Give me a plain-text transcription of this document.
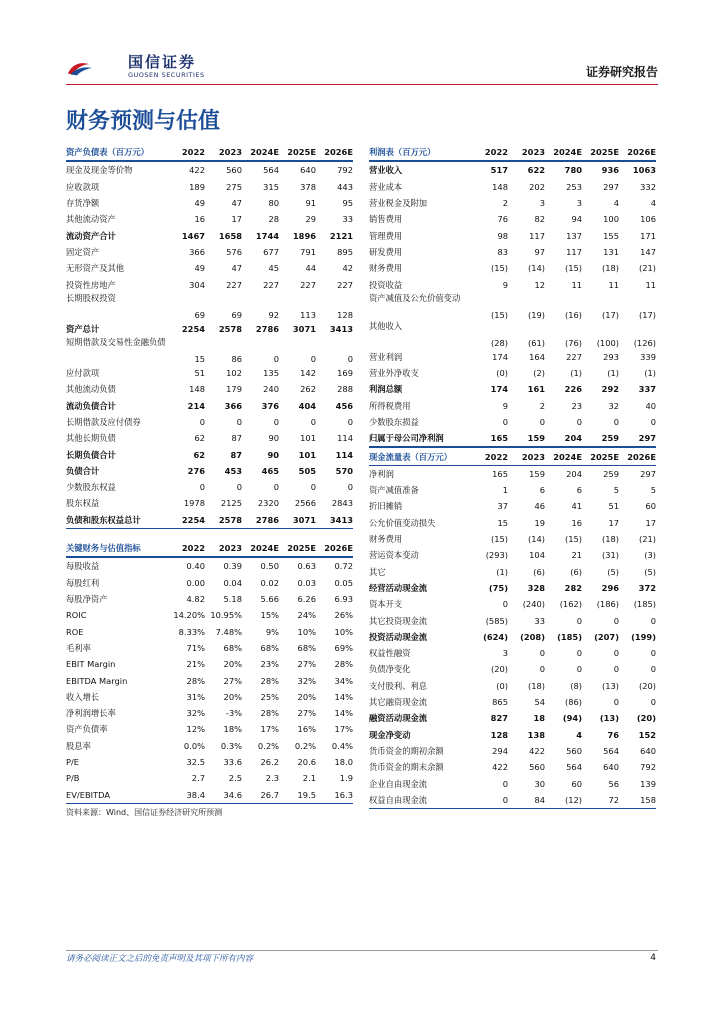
国信证券
GUOSEN SECURITIES	证券研究报告
财务预测与估值
资产负债表（百万元）	2022	2023	2024E	2025E	2026E
现金及现金等价物	422	560	564	640	792
应收款项	189	275	315	378	443
存货净额	49	47	80	91	95
其他流动资产	16	17	28	29	33
流动资产合计	1467	1658	1744	1896	2121
固定资产	366	576	677	791	895
无形资产及其他	49	47	45	44	42
投资性房地产	304	227	227	227	227
长期股权投资	69	69	92	113	128
资产总计	2254	2578	2786	3071	3413
短期借款及交易性金融负债	15	86	0	0	0
应付款项	51	102	135	142	169
其他流动负债	148	179	240	262	288
流动负债合计	214	366	376	404	456
长期借款及应付债券	0	0	0	0	0
其他长期负债	62	87	90	101	114
长期负债合计	62	87	90	101	114
负债合计	276	453	465	505	570
少数股东权益	0	0	0	0	0
股东权益	1978	2125	2320	2566	2843
负债和股东权益总计	2254	2578	2786	3071	3413
关键财务与估值指标	2022	2023	2024E	2025E	2026E
每股收益	0.40	0.39	0.50	0.63	0.72
每股红利	0.00	0.04	0.02	0.03	0.05
每股净资产	4.82	5.18	5.66	6.26	6.93
ROIC	14.20%	10.95%	15%	24%	26%
ROE	8.33%	7.48%	9%	10%	10%
毛利率	71%	68%	68%	68%	69%
EBIT Margin	21%	20%	23%	27%	28%
EBITDA Margin	28%	27%	28%	32%	34%
收入增长	31%	20%	25%	20%	14%
净利润增长率	32%	-3%	28%	27%	14%
资产负债率	12%	18%	17%	16%	17%
股息率	0.0%	0.3%	0.2%	0.2%	0.4%
P/E	32.5	33.6	26.2	20.6	18.0
P/B	2.7	2.5	2.3	2.1	1.9
EV/EBITDA	38.4	34.6	26.7	19.5	16.3
利润表（百万元）	2022	2023	2024E	2025E	2026E
营业收入	517	622	780	936	1063
营业成本	148	202	253	297	332
营业税金及附加	2	3	3	4	4
销售费用	76	82	94	100	106
管理费用	98	117	137	155	171
研发费用	83	97	117	131	147
财务费用	(15)	(14)	(15)	(18)	(21)
投资收益	9	12	11	11	11
资产减值及公允价值变动	(15)	(19)	(16)	(17)	(17)
其他收入	(28)	(61)	(76)	(100)	(126)
营业利润	174	164	227	293	339
营业外净收支	(0)	(2)	(1)	(1)	(1)
利润总额	174	161	226	292	337
所得税费用	9	2	23	32	40
少数股东损益	0	0	0	0	0
归属于母公司净利润	165	159	204	259	297
现金流量表（百万元）	2022	2023	2024E	2025E	2026E
净利润	165	159	204	259	297
资产减值准备	1	6	6	5	5
折旧摊销	37	46	41	51	60
公允价值变动损失	15	19	16	17	17
财务费用	(15)	(14)	(15)	(18)	(21)
营运资本变动	(293)	104	21	(31)	(3)
其它	(1)	(6)	(6)	(5)	(5)
经营活动现金流	(75)	328	282	296	372
资本开支	0	(240)	(162)	(186)	(185)
其它投资现金流	(585)	33	0	0	0
投资活动现金流	(624)	(208)	(185)	(207)	(199)
权益性融资	3	0	0	0	0
负债净变化	(20)	0	0	0	0
支付股利、利息	(0)	(18)	(8)	(13)	(20)
其它融资现金流	865	54	(86)	0	0
融资活动现金流	827	18	(94)	(13)	(20)
现金净变动	128	138	4	76	152
货币资金的期初余额	294	422	560	564	640
货币资金的期末余额	422	560	564	640	792
企业自由现金流	0	30	60	56	139
权益自由现金流	0	84	(12)	72	158
资料来源：Wind、国信证券经济研究所预测
请务必阅读正文之后的免责声明及其项下所有内容	4
